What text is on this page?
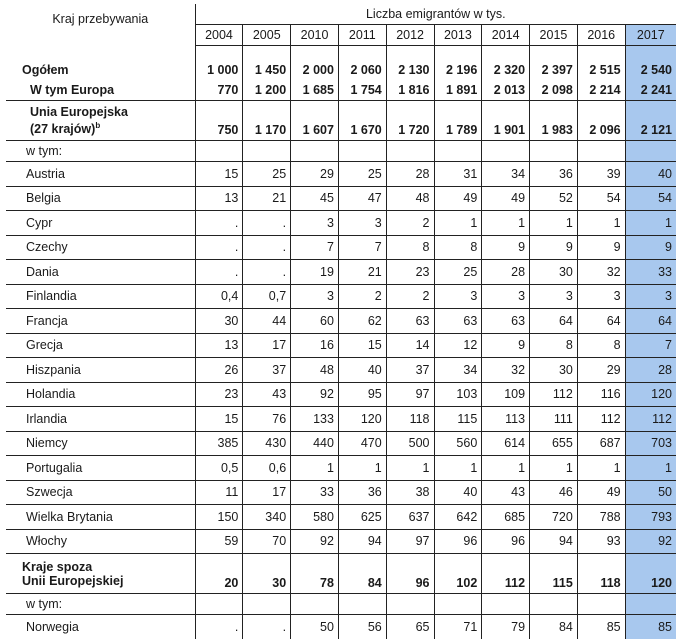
Kraj przebywania	Liczba emigrantów w tys.									
	2004	2005	2010	2011	2012	2013	2014	2015	2016	2017

Ogółem	1 000	1 450	2 000	2 060	2 130	2 196	2 320	2 397	2 515	2 540
W tym Europa	770	1 200	1 685	1 754	1 816	1 891	2 013	2 098	2 214	2 241
Unia Europejska
(27 krajów)$^b$	750	1 170	1 607	1 670	1 720	1 789	1 901	1 983	2 096	2 121
w tym:										
Austria	15	25	29	25	28	31	34	36	39	40
Belgia	13	21	45	47	48	49	49	52	54	54
Cypr	.	.	3	3	2	1	1	1	1	1
Czechy	.	.	7	7	8	8	9	9	9	9
Dania	.	.	19	21	23	25	28	30	32	33
Finlandia	0,4	0,7	3	2	2	3	3	3	3	3
Francja	30	44	60	62	63	63	63	64	64	64
Grecja	13	17	16	15	14	12	9	8	8	7
Hiszpania	26	37	48	40	37	34	32	30	29	28
Holandia	23	43	92	95	97	103	109	112	116	120
Irlandia	15	76	133	120	118	115	113	111	112	112
Niemcy	385	430	440	470	500	560	614	655	687	703
Portugalia	0,5	0,6	1	1	1	1	1	1	1	1
Szwecja	11	17	33	36	38	40	43	46	49	50
Wielka Brytania	150	340	580	625	637	642	685	720	788	793
Włochy	59	70	92	94	97	96	96	94	93	92
Kraje spoza
Unii Europejskiej	20	30	78	84	96	102	112	115	118	120
w tym:										
Norwegia	.	.	50	56	65	71	79	84	85	85
